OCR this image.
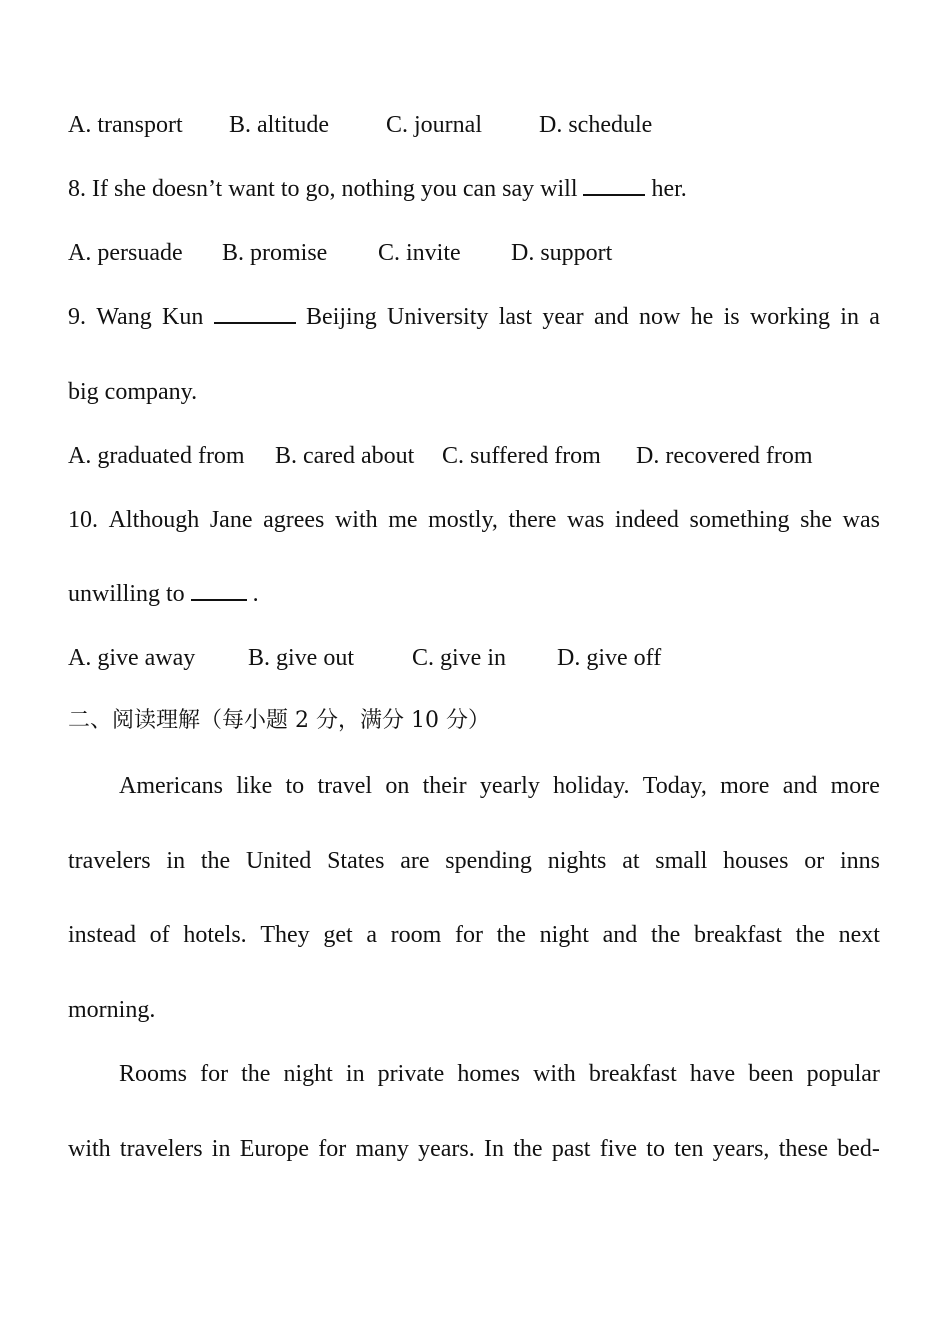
A. transport B. altitude C. journal D. schedule
8. If she doesn’t want to go, nothing you can say will	her.
A. persuade B. promise C. invite D. support
9. Wang Kun	Beijing University last year and now he is working in a
big company.
A. graduated from B. cared about C. suffered from D. recovered from
10. Although Jane agrees with me mostly, there was indeed something she was
unwilling to	.
A. give away B. give out C. give in D. give off
二、阅读理解（每小题 2 分，满分 10 分）
Americans like to travel on their yearly holiday. Today, more and more
travelers in the United States are spending nights at small houses or inns
instead of hotels. They get a room for the night and the breakfast the next
morning.
Rooms for the night in private homes with breakfast have been popular
with travelers in Europe for many years. In the past five to ten years, these bed-
